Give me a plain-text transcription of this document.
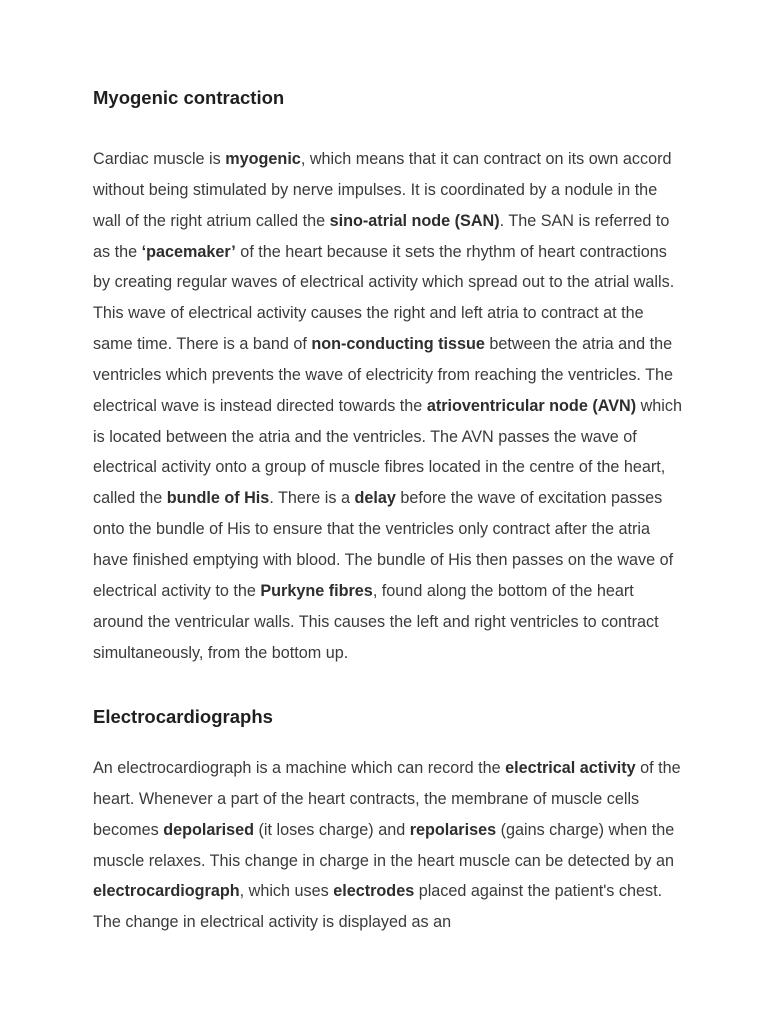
Myogenic contraction

Cardiac muscle is myogenic, which means that it can contract on its own accord without being stimulated by nerve impulses. It is coordinated by a nodule in the wall of the right atrium called the sino-atrial node (SAN). The SAN is referred to as the ‘pacemaker’ of the heart because it sets the rhythm of heart contractions by creating regular waves of electrical activity which spread out to the atrial walls. This wave of electrical activity causes the right and left atria to contract at the same time. There is a band of non-conducting tissue between the atria and the ventricles which prevents the wave of electricity from reaching the ventricles. The electrical wave is instead directed towards the atrioventricular node (AVN) which is located between the atria and the ventricles. The AVN passes the wave of electrical activity onto a group of muscle fibres located in the centre of the heart, called the bundle of His. There is a delay before the wave of excitation passes onto the bundle of His to ensure that the ventricles only contract after the atria have finished emptying with blood. The bundle of His then passes on the wave of electrical activity to the Purkyne fibres, found along the bottom of the heart around the ventricular walls. This causes the left and right ventricles to contract simultaneously, from the bottom up.

Electrocardiographs

An electrocardiograph is a machine which can record the electrical activity of the heart. Whenever a part of the heart contracts, the membrane of muscle cells becomes depolarised (it loses charge) and repolarises (gains charge) when the muscle relaxes. This change in charge in the heart muscle can be detected by an electrocardiograph, which uses electrodes placed against the patient's chest. The change in electrical activity is displayed as an
